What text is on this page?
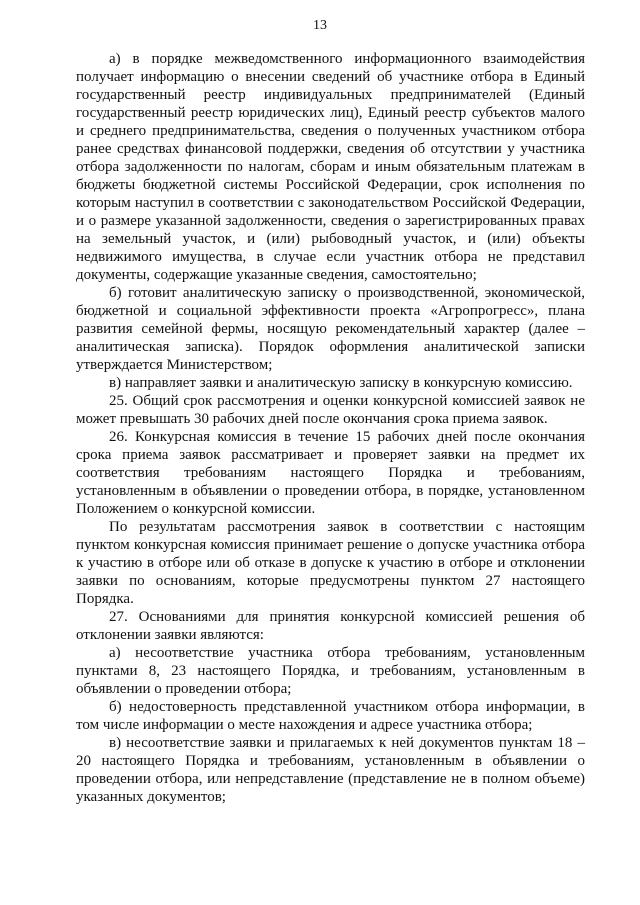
13

а) в порядке межведомственного информационного взаимодействия получает информацию о внесении сведений об участнике отбора в Единый государственный реестр индивидуальных предпринимателей (Единый государственный реестр юридических лиц), Единый реестр субъектов малого и среднего предпринимательства, сведения о полученных участником отбора ранее средствах финансовой поддержки, сведения об отсутствии у участника отбора задолженности по налогам, сборам и иным обязательным платежам в бюджеты бюджетной системы Российской Федерации, срок исполнения по которым наступил в соответствии с законодательством Российской Федерации, и о размере указанной задолженности, сведения о зарегистрированных правах на земельный участок, и (или) рыбоводный участок, и (или) объекты недвижимого имущества, в случае если участник отбора не представил документы, содержащие указанные сведения, самостоятельно;

б) готовит аналитическую записку о производственной, экономической, бюджетной и социальной эффективности проекта «Агропрогресс», плана развития семейной фермы, носящую рекомендательный характер (далее – аналитическая записка). Порядок оформления аналитической записки утверждается Министерством;

в) направляет заявки и аналитическую записку в конкурсную комиссию.

25. Общий срок рассмотрения и оценки конкурсной комиссией заявок не может превышать 30 рабочих дней после окончания срока приема заявок.

26. Конкурсная комиссия в течение 15 рабочих дней после окончания срока приема заявок рассматривает и проверяет заявки на предмет их соответствия требованиям настоящего Порядка и требованиям, установленным в объявлении о проведении отбора, в порядке, установленном Положением о конкурсной комиссии.

По результатам рассмотрения заявок в соответствии с настоящим пунктом конкурсная комиссия принимает решение о допуске участника отбора к участию в отборе или об отказе в допуске к участию в отборе и отклонении заявки по основаниям, которые предусмотрены пунктом 27 настоящего Порядка.

27. Основаниями для принятия конкурсной комиссией решения об отклонении заявки являются:

а) несоответствие участника отбора требованиям, установленным пунктами 8, 23 настоящего Порядка, и требованиям, установленным в объявлении о проведении отбора;

б) недостоверность представленной участником отбора информации, в том числе информации о месте нахождения и адресе участника отбора;

в) несоответствие заявки и прилагаемых к ней документов пунктам 18 – 20 настоящего Порядка и требованиям, установленным в объявлении о проведении отбора, или непредставление (представление не в полном объеме) указанных документов;
